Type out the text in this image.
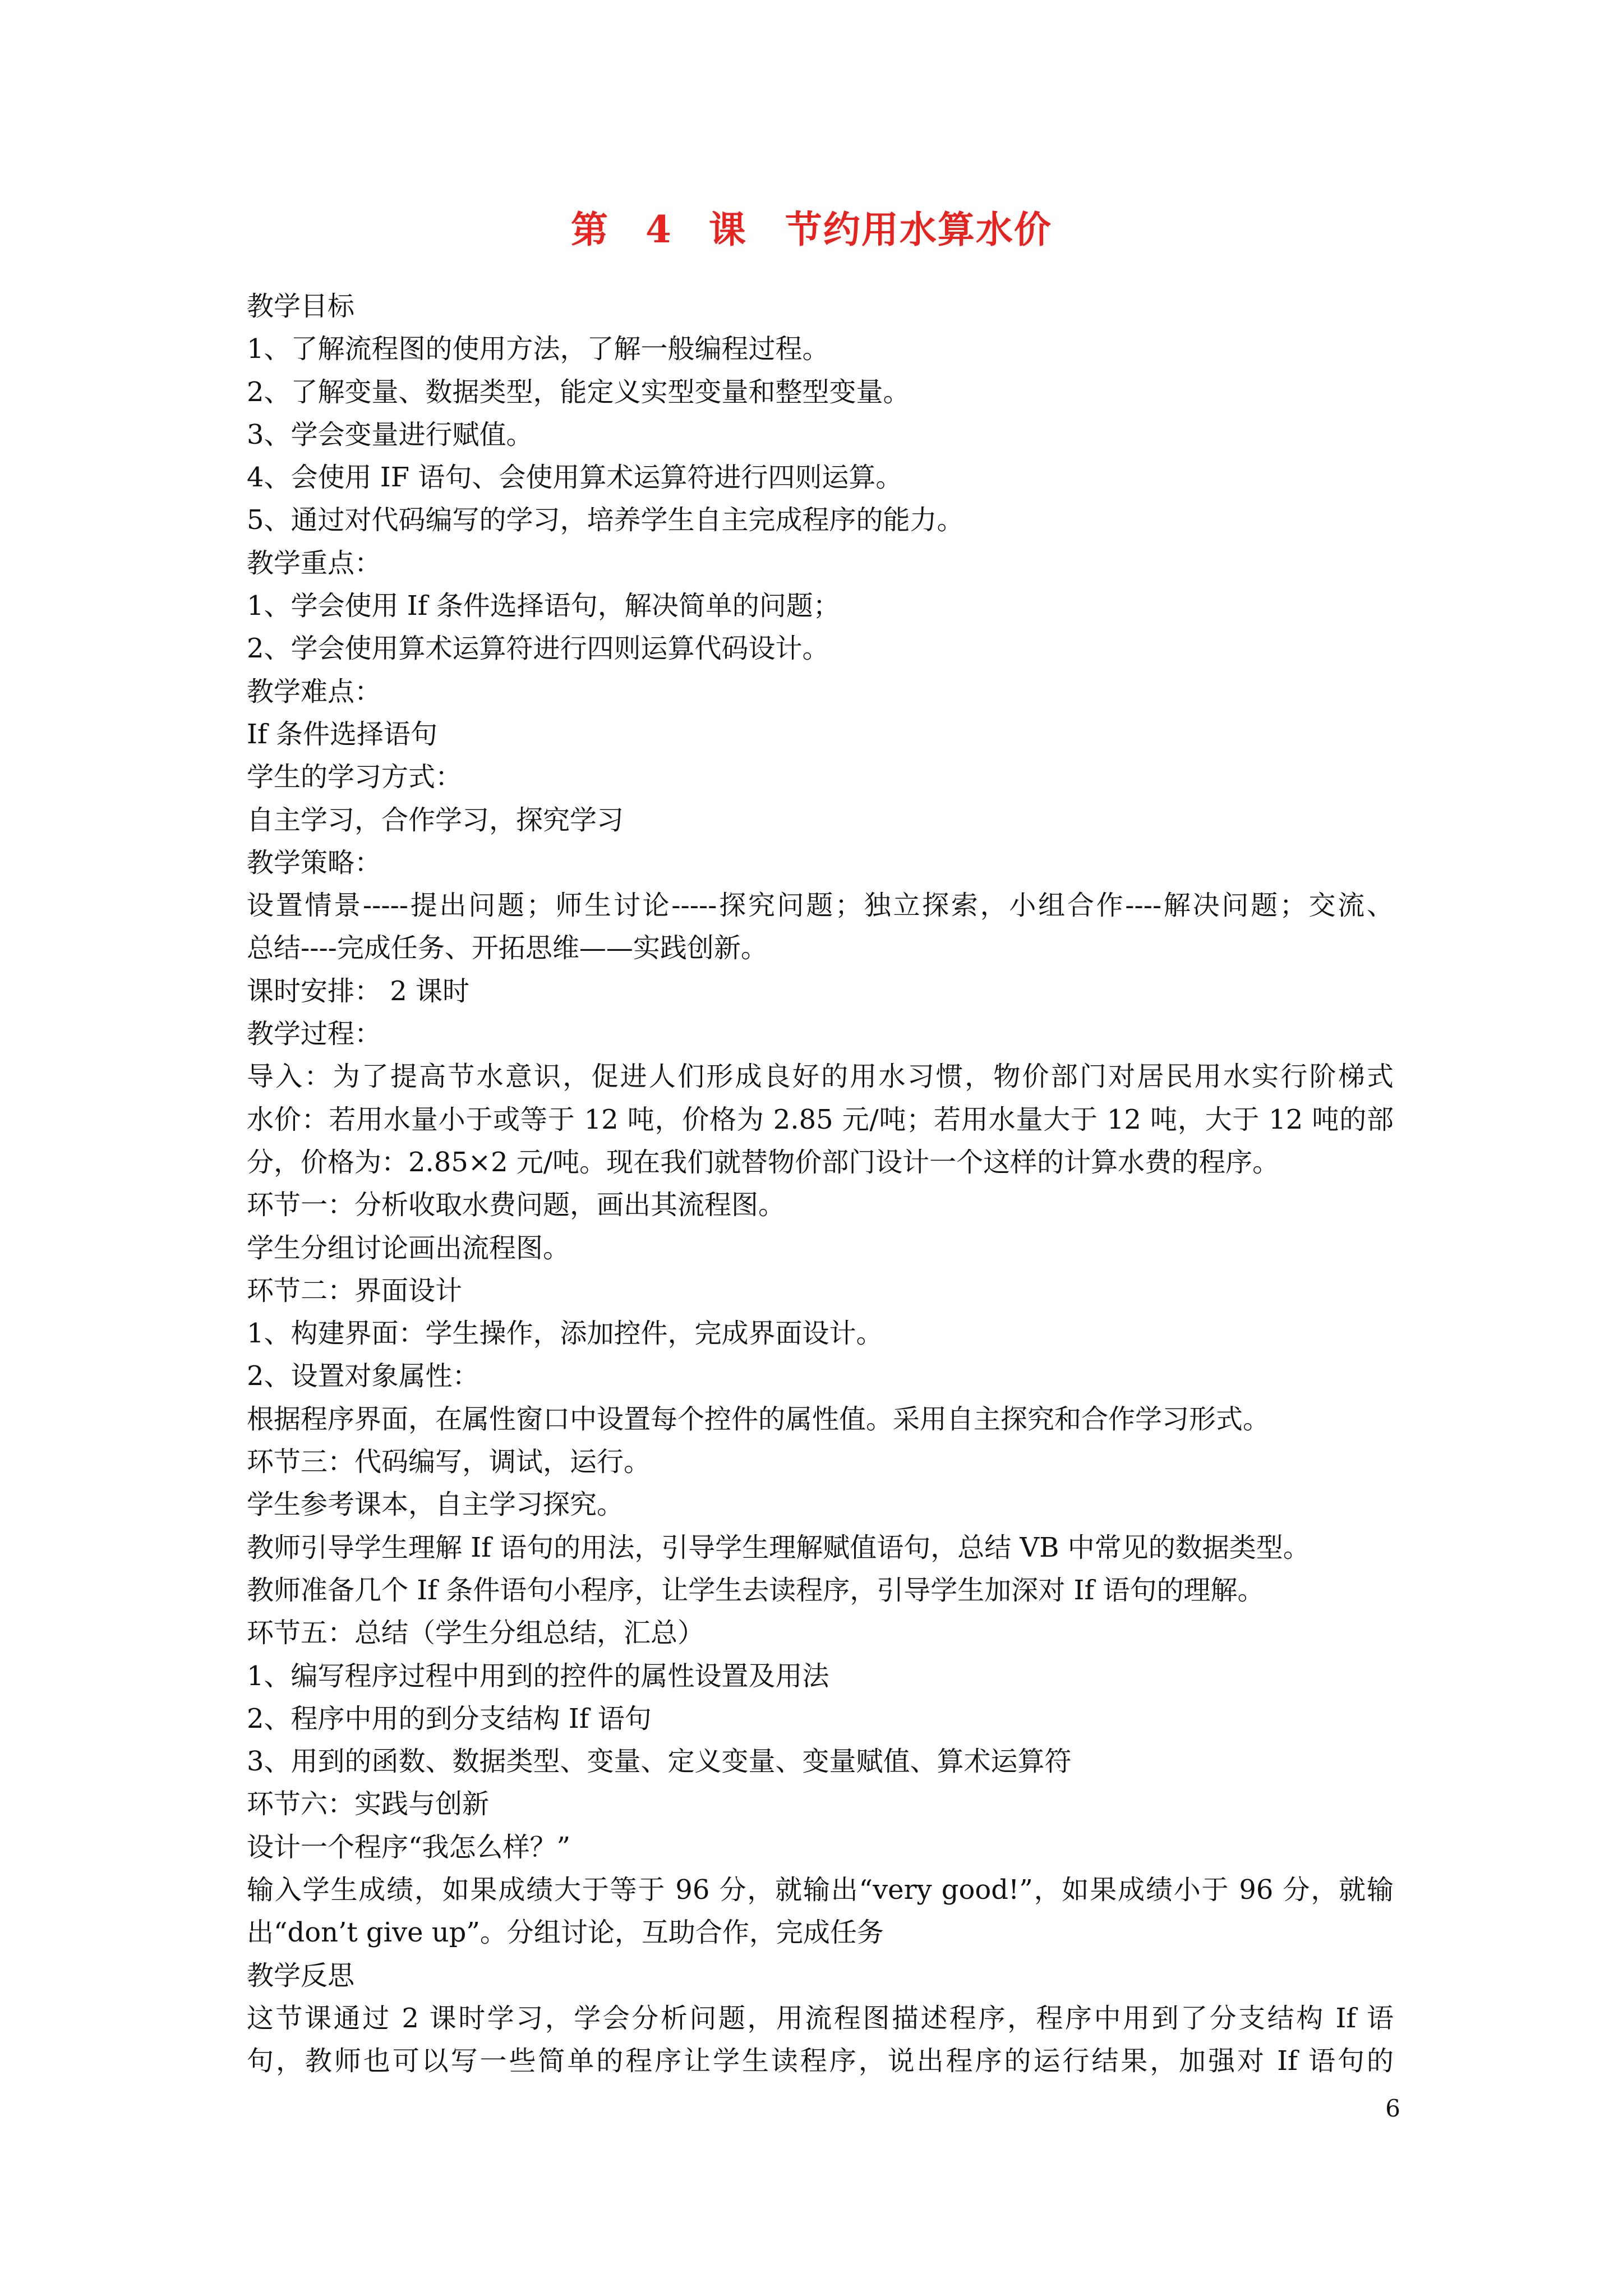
第 4 课　节约用水算水价

教学目标

1、了解流程图的使用方法，了解一般编程过程。

2、了解变量、数据类型，能定义实型变量和整型变量。

3、学会变量进行赋值。

4、会使用 IF 语句、会使用算术运算符进行四则运算。

5、通过对代码编写的学习，培养学生自主完成程序的能力。

教学重点：

1、学会使用 If 条件选择语句，解决简单的问题；

2、学会使用算术运算符进行四则运算代码设计。

教学难点：

If 条件选择语句

学生的学习方式：

自主学习，合作学习，探究学习

教学策略：

设置情景-----提出问题；师生讨论-----探究问题；独立探索，小组合作----解决问题；交流、

总结----完成任务、开拓思维——实践创新。

课时安排： 2 课时

教学过程：

导入：为了提高节水意识，促进人们形成良好的用水习惯，物价部门对居民用水实行阶梯式

水价：若用水量小于或等于 12 吨，价格为 2.85 元/吨；若用水量大于 12 吨，大于 12 吨的部

分，价格为：2.85×2 元/吨。现在我们就替物价部门设计一个这样的计算水费的程序。

环节一：分析收取水费问题，画出其流程图。

学生分组讨论画出流程图。

环节二：界面设计

1、构建界面：学生操作，添加控件，完成界面设计。

2、设置对象属性：

根据程序界面，在属性窗口中设置每个控件的属性值。采用自主探究和合作学习形式。

环节三：代码编写，调试，运行。

学生参考课本，自主学习探究。

教师引导学生理解 If 语句的用法，引导学生理解赋值语句，总结 VB 中常见的数据类型。

教师准备几个 If 条件语句小程序，让学生去读程序，引导学生加深对 If 语句的理解。

环节五：总结（学生分组总结，汇总）

1、编写程序过程中用到的控件的属性设置及用法

2、程序中用的到分支结构 If 语句

3、用到的函数、数据类型、变量、定义变量、变量赋值、算术运算符

环节六：实践与创新

设计一个程序“我怎么样？”

输入学生成绩，如果成绩大于等于 96 分，就输出“very good!”，如果成绩小于 96 分，就输

出“don’t give up”。分组讨论，互助合作，完成任务

教学反思

这节课通过 2 课时学习，学会分析问题，用流程图描述程序，程序中用到了分支结构 If 语

句，教师也可以写一些简单的程序让学生读程序，说出程序的运行结果，加强对 If 语句的

6
